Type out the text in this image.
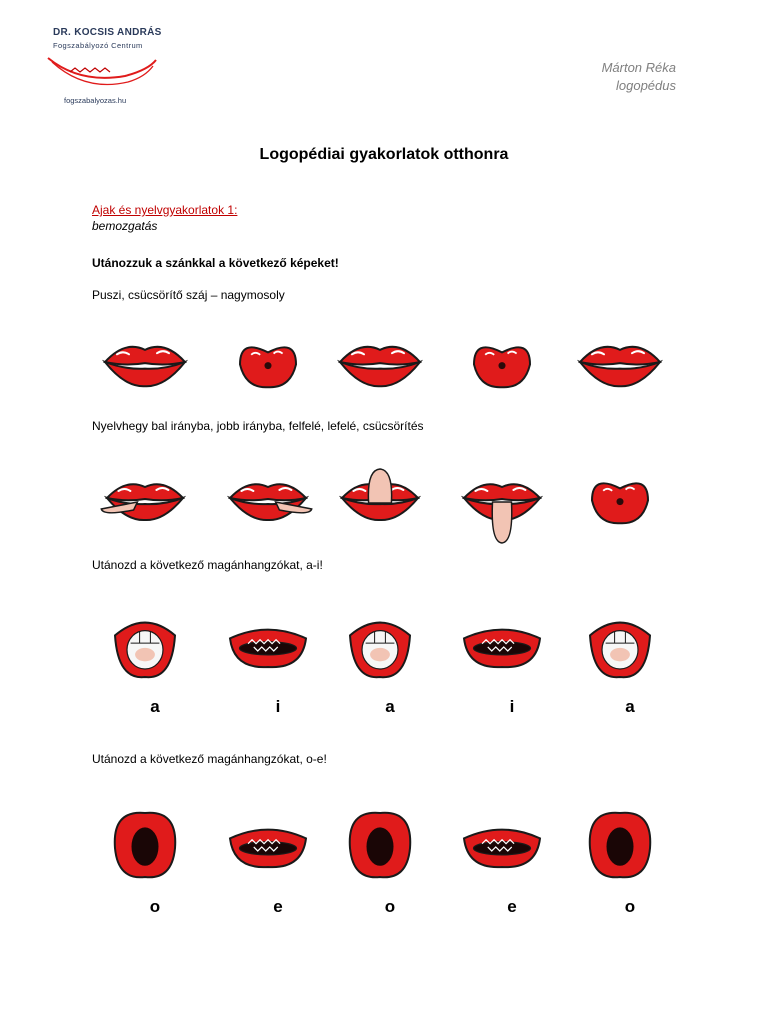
DR. KOCSIS ANDRÁS
Fogszabályozó Centrum
fogszabalyozas.hu
Márton Réka
logopédus
Logopédiai gyakorlatok otthonra
Ajak és nyelvgyakorlatok 1:
bemozgatás
Utánozzuk a szánkkal a következő képeket!
Puszi, csücsörítő száj – nagymosoly
Nyelvhegy bal irányba, jobb irányba, felfelé, lefelé, csücsörítés
Utánozd a következő magánhangzókat, a-i!
a	i	a	i	a
Utánozd a következő magánhangzókat, o-e!
o	e	o	e	o
